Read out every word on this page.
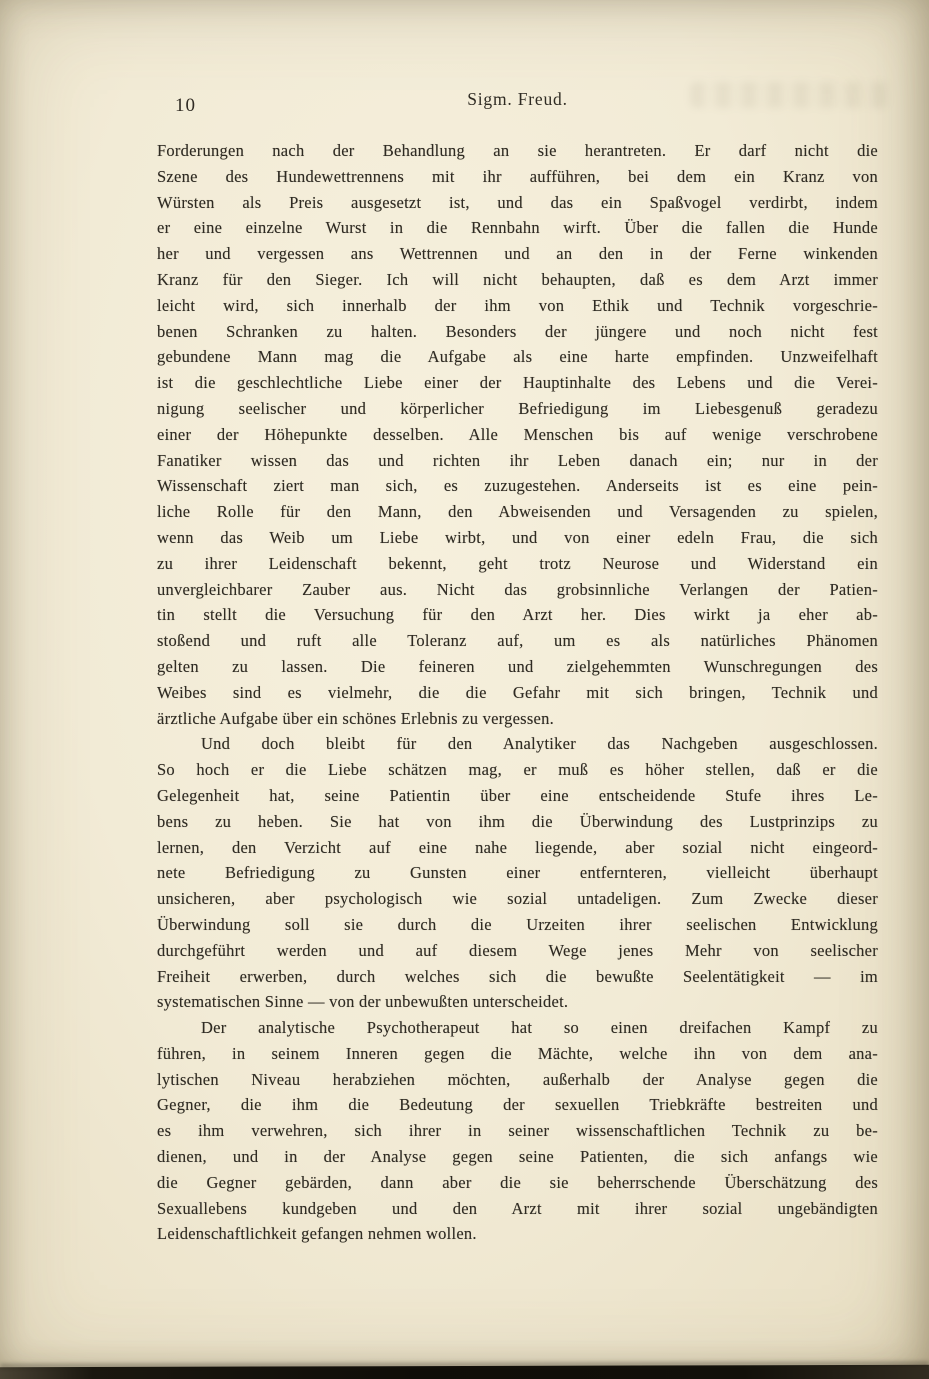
10	Sigm. Freud.
Forderungen nach der Behandlung an sie herantreten. Er darf nicht die
Szene des Hundewettrennens mit ihr aufführen, bei dem ein Kranz von
Würsten als Preis ausgesetzt ist, und das ein Spaßvogel verdirbt, indem
er eine einzelne Wurst in die Rennbahn wirft. Über die fallen die Hunde
her und vergessen ans Wettrennen und an den in der Ferne winkenden
Kranz für den Sieger. Ich will nicht behaupten, daß es dem Arzt immer
leicht wird, sich innerhalb der ihm von Ethik und Technik vorgeschrie-
benen Schranken zu halten. Besonders der jüngere und noch nicht fest
gebundene Mann mag die Aufgabe als eine harte empfinden. Unzweifelhaft
ist die geschlechtliche Liebe einer der Hauptinhalte des Lebens und die Verei-
nigung seelischer und körperlicher Befriedigung im Liebesgenuß geradezu
einer der Höhepunkte desselben. Alle Menschen bis auf wenige verschrobene
Fanatiker wissen das und richten ihr Leben danach ein; nur in der
Wissenschaft ziert man sich, es zuzugestehen. Anderseits ist es eine pein-
liche Rolle für den Mann, den Abweisenden und Versagenden zu spielen,
wenn das Weib um Liebe wirbt, und von einer edeln Frau, die sich
zu ihrer Leidenschaft bekennt, geht trotz Neurose und Widerstand ein
unvergleichbarer Zauber aus. Nicht das grobsinnliche Verlangen der Patien-
tin stellt die Versuchung für den Arzt her. Dies wirkt ja eher ab-
stoßend und ruft alle Toleranz auf, um es als natürliches Phänomen
gelten zu lassen. Die feineren und zielgehemmten Wunschregungen des
Weibes sind es vielmehr, die die Gefahr mit sich bringen, Technik und
ärztliche Aufgabe über ein schönes Erlebnis zu vergessen.
Und doch bleibt für den Analytiker das Nachgeben ausgeschlossen.
So hoch er die Liebe schätzen mag, er muß es höher stellen, daß er die
Gelegenheit hat, seine Patientin über eine entscheidende Stufe ihres Le-
bens zu heben. Sie hat von ihm die Überwindung des Lustprinzips zu
lernen, den Verzicht auf eine nahe liegende, aber sozial nicht eingeord-
nete Befriedigung zu Gunsten einer entfernteren, vielleicht überhaupt
unsicheren, aber psychologisch wie sozial untadeligen. Zum Zwecke dieser
Überwindung soll sie durch die Urzeiten ihrer seelischen Entwicklung
durchgeführt werden und auf diesem Wege jenes Mehr von seelischer
Freiheit erwerben, durch welches sich die bewußte Seelentätigkeit — im
systematischen Sinne — von der unbewußten unterscheidet.
Der analytische Psychotherapeut hat so einen dreifachen Kampf zu
führen, in seinem Inneren gegen die Mächte, welche ihn von dem ana-
lytischen Niveau herabziehen möchten, außerhalb der Analyse gegen die
Gegner, die ihm die Bedeutung der sexuellen Triebkräfte bestreiten und
es ihm verwehren, sich ihrer in seiner wissenschaftlichen Technik zu be-
dienen, und in der Analyse gegen seine Patienten, die sich anfangs wie
die Gegner gebärden, dann aber die sie beherrschende Überschätzung des
Sexuallebens kundgeben und den Arzt mit ihrer sozial ungebändigten
Leidenschaftlichkeit gefangen nehmen wollen.
